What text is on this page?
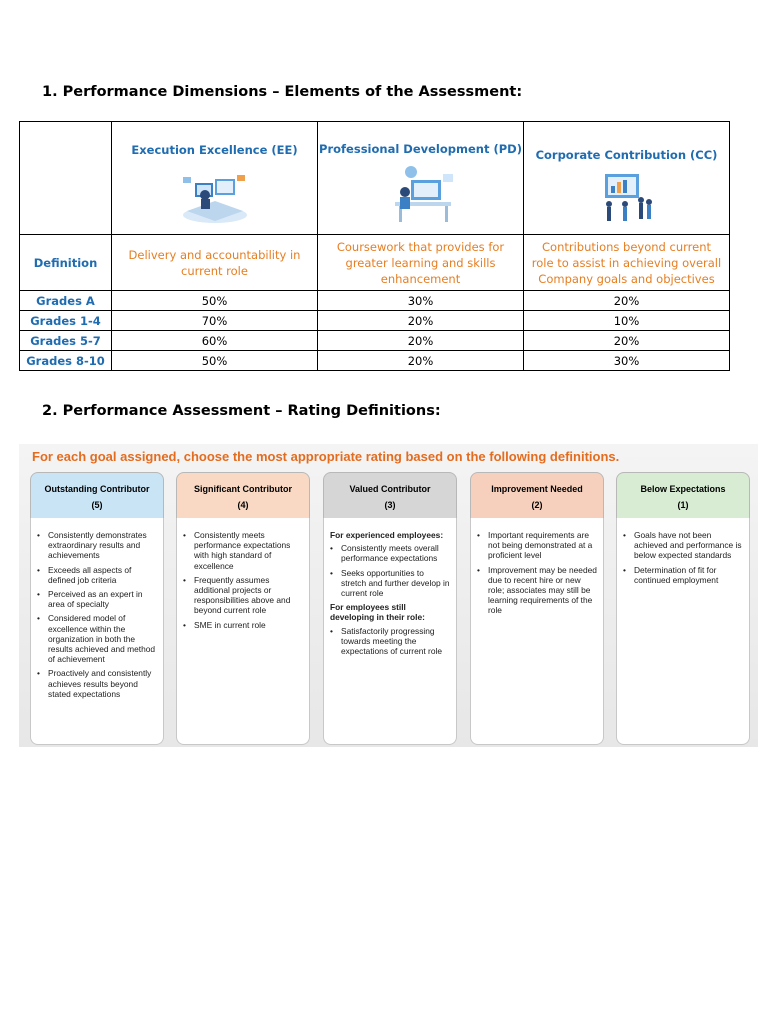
1. Performance Dimensions – Elements of the Assessment:

	Execution Excellence (EE)	Professional Development (PD)	Corporate Contribution (CC)

Definition	Delivery and accountability in current role	Coursework that provides for greater learning and skills enhancement	Contributions beyond current role to assist in achieving overall Company goals and objectives
Grades A	50%	30%	20%
Grades 1-4	70%	20%	10%
Grades 5-7	60%	20%	20%
Grades 8-10	50%	20%	30%
2. Performance Assessment – Rating Definitions:
For each goal assigned, choose the most appropriate rating based on the following definitions.
Outstanding Contributor
(5)
• Consistently demonstrates extraordinary results and achievements
• Exceeds all aspects of defined job criteria
• Perceived as an expert in area of specialty
• Considered model of excellence within the organization in both the results achieved and method of achievement
• Proactively and consistently achieves results beyond stated expectations
Significant Contributor
(4)
• Consistently meets performance expectations with high standard of excellence
• Frequently assumes additional projects or responsibilities above and beyond current role
• SME in current role
Valued Contributor
(3)
For experienced employees:
• Consistently meets overall performance expectations
• Seeks opportunities to stretch and further develop in current role
For employees still developing in their role:
• Satisfactorily progressing towards meeting the expectations of current role
Improvement Needed
(2)
• Important requirements are not being demonstrated at a proficient level
• Improvement may be needed due to recent hire or new role; associates may still be learning requirements of the role
Below Expectations
(1)
• Goals have not been achieved and performance is below expected standards
• Determination of fit for continued employment
